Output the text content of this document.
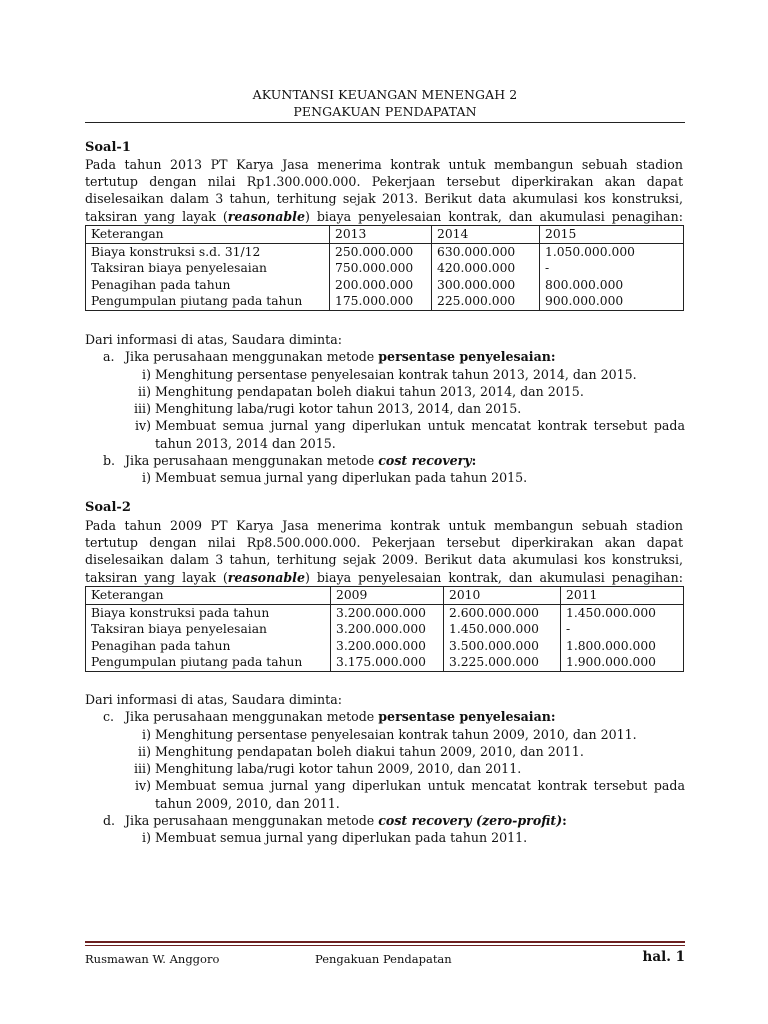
AKUNTANSI KEUANGAN MENENGAH 2
PENGAKUAN PENDAPATAN
Soal-1
Pada tahun 2013 PT Karya Jasa menerima kontrak untuk membangun sebuah stadion
tertutup dengan nilai Rp1.300.000.000. Pekerjaan tersebut diperkirakan akan dapat
diselesaikan dalam 3 tahun, terhitung sejak 2013. Berikut data akumulasi kos konstruksi,
taksiran yang layak (reasonable) biaya penyelesaian kontrak, dan akumulasi penagihan:
Keterangan	2013	2014	2015
Biaya konstruksi s.d. 31/12	250.000.000	630.000.000	1.050.000.000
Taksiran biaya penyelesaian	750.000.000	420.000.000	-
Penagihan pada tahun	200.000.000	300.000.000	800.000.000
Pengumpulan piutang pada tahun	175.000.000	225.000.000	900.000.000
Dari informasi di atas, Saudara diminta:
a. Jika perusahaan menggunakan metode persentase penyelesaian:
i) Menghitung persentase penyelesaian kontrak tahun 2013, 2014, dan 2015.
ii) Menghitung pendapatan boleh diakui tahun 2013, 2014, dan 2015.
iii) Menghitung laba/rugi kotor tahun 2013, 2014, dan 2015.
iv) Membuat semua jurnal yang diperlukan untuk mencatat kontrak tersebut pada
tahun 2013, 2014 dan 2015.
b. Jika perusahaan menggunakan metode cost recovery:
i) Membuat semua jurnal yang diperlukan pada tahun 2015.
Soal-2
Pada tahun 2009 PT Karya Jasa menerima kontrak untuk membangun sebuah stadion
tertutup dengan nilai Rp8.500.000.000. Pekerjaan tersebut diperkirakan akan dapat
diselesaikan dalam 3 tahun, terhitung sejak 2009. Berikut data akumulasi kos konstruksi,
taksiran yang layak (reasonable) biaya penyelesaian kontrak, dan akumulasi penagihan:
Keterangan	2009	2010	2011
Biaya konstruksi pada tahun	3.200.000.000	2.600.000.000	1.450.000.000
Taksiran biaya penyelesaian	3.200.000.000	1.450.000.000	-
Penagihan pada tahun	3.200.000.000	3.500.000.000	1.800.000.000
Pengumpulan piutang pada tahun	3.175.000.000	3.225.000.000	1.900.000.000
Dari informasi di atas, Saudara diminta:
c. Jika perusahaan menggunakan metode persentase penyelesaian:
i) Menghitung persentase penyelesaian kontrak tahun 2009, 2010, dan 2011.
ii) Menghitung pendapatan boleh diakui tahun 2009, 2010, dan 2011.
iii) Menghitung laba/rugi kotor tahun 2009, 2010, dan 2011.
iv) Membuat semua jurnal yang diperlukan untuk mencatat kontrak tersebut pada
tahun 2009, 2010, dan 2011.
d. Jika perusahaan menggunakan metode cost recovery (zero-profit):
i) Membuat semua jurnal yang diperlukan pada tahun 2011.
Rusmawan W. Anggoro	Pengakuan Pendapatan	hal. 1
